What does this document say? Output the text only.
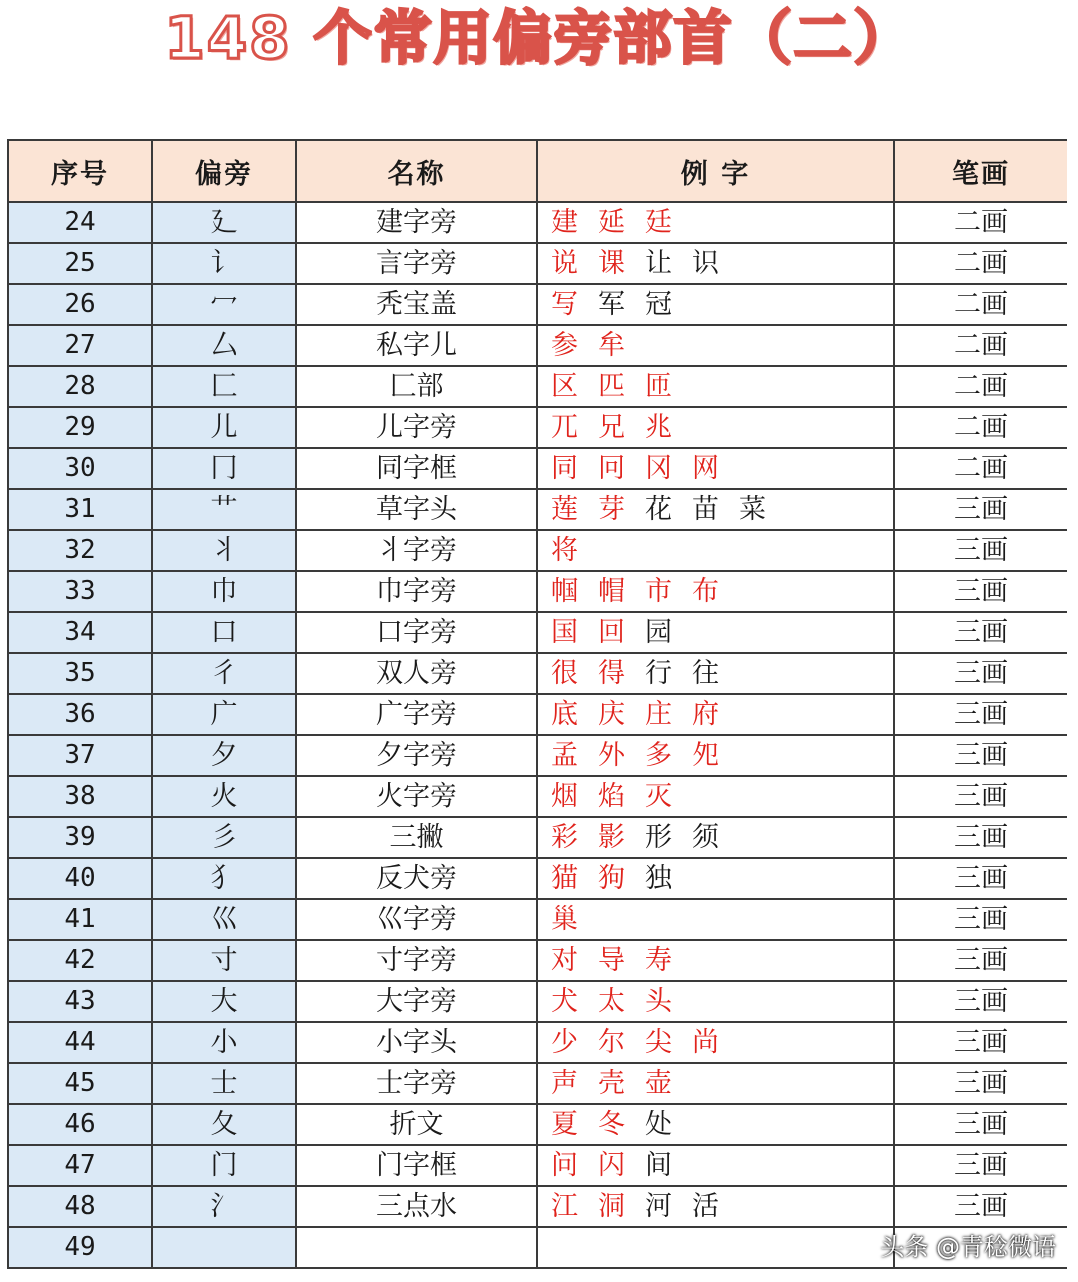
148 个常用偏旁部首（二）
序号	偏旁	名称	例 字	笔画
24	廴	建字旁	建 延 廷	二画
25	讠	言字旁	说 课 让 识	二画
26	冖	秃宝盖	写 军 冠	二画
27	厶	私字儿	参 牟	二画
28	匚	匚部	区 匹 匝	二画
29	儿	儿字旁	兀 兄 兆	二画
30	冂	同字框	同 冋 冈 网	二画
31	艹	草字头	莲 芽 花 苗 菜	三画
32	丬	丬字旁	将	三画
33	巾	巾字旁	帼 帽 市 布	三画
34	口	口字旁	国 回 园	三画
35	彳	双人旁	很 得 行 往	三画
36	广	广字旁	底 庆 庄 府	三画
37	夕	夕字旁	孟 外 多 夗	三画
38	火	火字旁	烟 焰 灭	三画
39	彡	三撇	彩 影 形 须	三画
40	犭	反犬旁	猫 狗 独	三画
41	巛	巛字旁	巢	三画
42	寸	寸字旁	对 导 寿	三画
43	大	大字旁	犬 太 头	三画
44	小	小字头	少 尔 尖 尚	三画
45	士	士字旁	声 壳 壶	三画
46	夂	折文	夏 冬 处	三画
47	门	门字框	问 闪 间	三画
48	氵	三点水	江 洞 河 活	三画
49					头条 @青稔微语
